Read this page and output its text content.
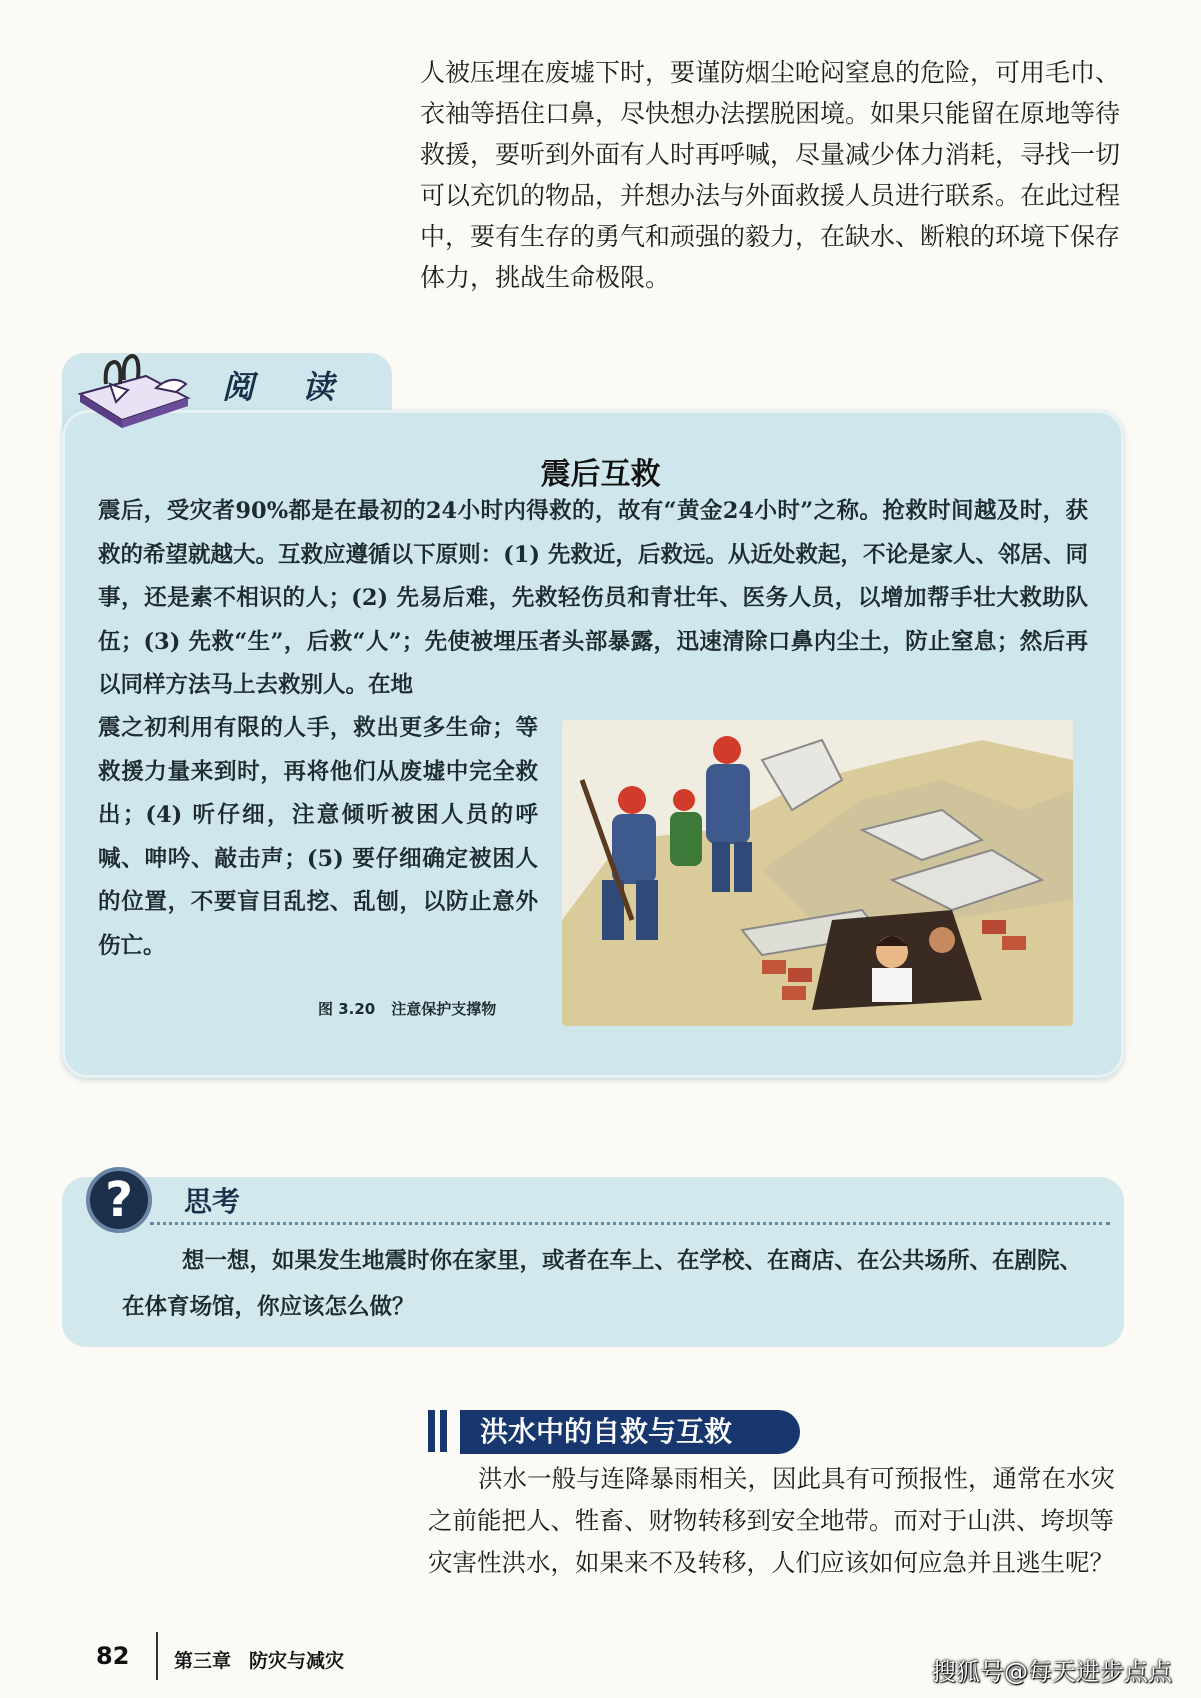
人被压埋在废墟下时，要谨防烟尘呛闷窒息的危险，可用毛巾、衣袖等捂住口鼻，尽快想办法摆脱困境。如果只能留在原地等待救援，要听到外面有人时再呼喊，尽量减少体力消耗，寻找一切可以充饥的物品，并想办法与外面救援人员进行联系。在此过程中，要有生存的勇气和顽强的毅力，在缺水、断粮的环境下保存体力，挑战生命极限。

阅读
震后互救

震后，受灾者90%都是在最初的24小时内得救的，故有“黄金24小时”之称。抢救时间越及时，获救的希望就越大。互救应遵循以下原则：(1) 先救近，后救远。从近处救起，不论是家人、邻居、同事，还是素不相识的人；(2) 先易后难，先救轻伤员和青壮年、医务人员，以增加帮手壮大救助队伍；(3) 先救“生”，后救“人”；先使被埋压者头部暴露，迅速清除口鼻内尘土，防止窒息；然后再以同样方法马上去救别人。在地

震之初利用有限的人手，救出更多生命；等救援力量来到时，再将他们从废墟中完全救出；(4) 听仔细，注意倾听被困人员的呼喊、呻吟、敲击声；(5) 要仔细确定被困人的位置，不要盲目乱挖、乱刨，以防止意外伤亡。

图 3.20 注意保护支撑物
?	思考

想一想，如果发生地震时你在家里，或者在车上、在学校、在商店、在公共场所、在剧院、在体育场馆，你应该怎么做？

洪水中的自救与互救

洪水一般与连降暴雨相关，因此具有可预报性，通常在水灾之前能把人、牲畜、财物转移到安全地带。而对于山洪、垮坝等灾害性洪水，如果来不及转移，人们应该如何应急并且逃生呢？

82 第三章 防灾与减灾	搜狐号@每天进步点点
